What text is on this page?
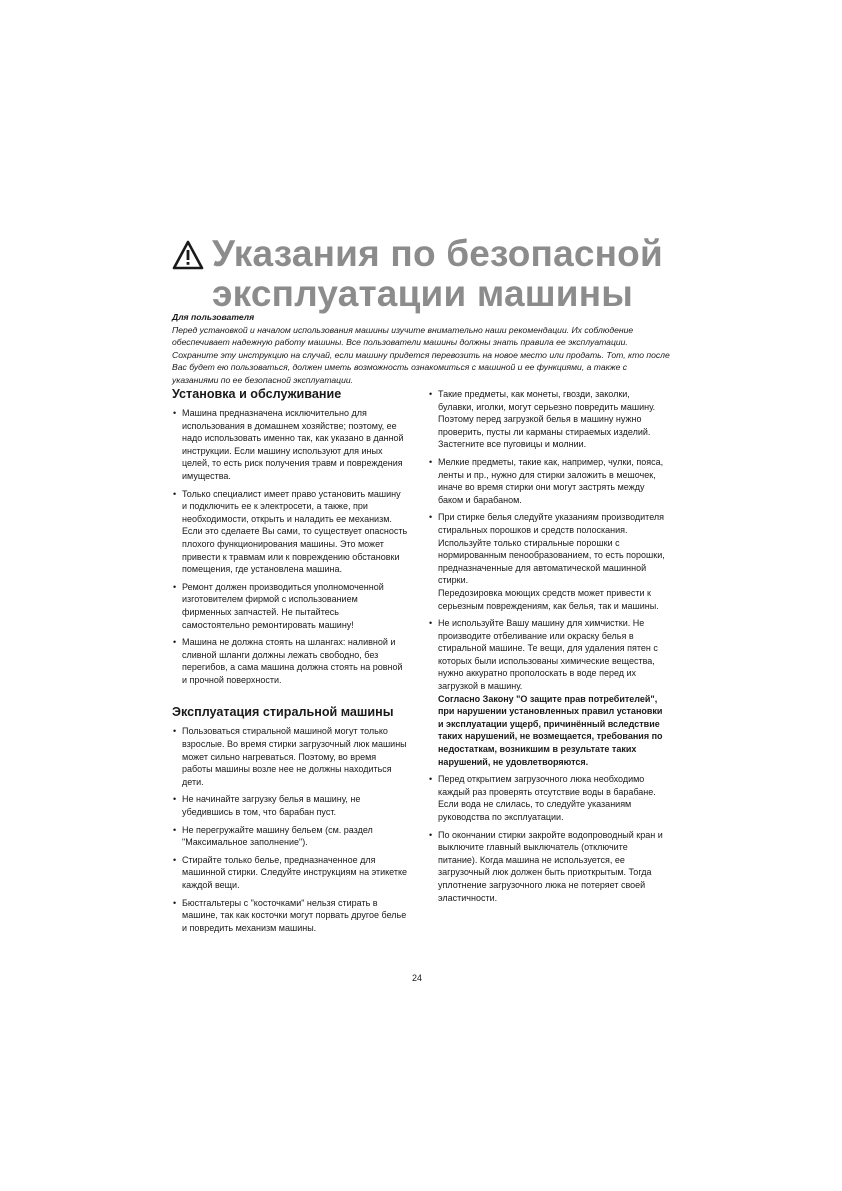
Указания по безопасной
эксплуатации машины
Для пользователя
Перед установкой и началом использования машины изучите внимательно наши рекомендации. Их соблюдение обеспечивает надежную работу машины. Все пользователи машины должны знать правила ее эксплуатации. Сохраните эту инструкцию на случай, если машину придется перевозить на новое место или продать. Тот, кто после Вас будет ею пользоваться, должен иметь возможность ознакомиться с машиной и ее функциями, а также с указаниями по ее безопасной эксплуатации.
Установка и обслуживание
• Машина предназначена исключительно для использования в домашнем хозяйстве; поэтому, ее надо использовать именно так, как указано в данной инструкции. Если машину используют для иных целей, то есть риск получения травм и повреждения имущества.
• Только специалист имеет право установить машину и подключить ее к электросети, а также, при необходимости, открыть и наладить ее механизм.
Если это сделаете Вы сами, то существует опасность плохого функционирования машины. Это может привести к травмам или к повреждению обстановки помещения, где установлена машина.
• Ремонт должен производиться уполномоченной изготовителем фирмой с использованием фирменных запчастей. Не пытайтесь самостоятельно ремонтировать машину!
• Машина не должна стоять на шлангах: наливной и сливной шланги должны лежать свободно, без перегибов, а сама машина должна стоять на ровной и прочной поверхности.
Эксплуатация стиральной машины
• Пользоваться стиральной машиной могут только взрослые. Во время стирки загрузочный люк машины может сильно нагреваться. Поэтому, во время работы машины возле нее не должны находиться дети.
• Не начинайте загрузку белья в машину, не убедившись в том, что барабан пуст.
• Не перегружайте машину бельем (см. раздел "Максимальное заполнение").
• Стирайте только белье, предназначенное для машинной стирки. Следуйте инструкциям на этикетке каждой вещи.
• Бюстгальтеры с "косточками" нельзя стирать в машине, так как косточки могут порвать другое белье и повредить механизм машины.
• Такие предметы, как монеты, гвозди, заколки, булавки, иголки, могут серьезно повредить машину. Поэтому перед загрузкой белья в машину нужно проверить, пусты ли карманы стираемых изделий. Застегните все пуговицы и молнии.
• Мелкие предметы, такие как, например, чулки, пояса, ленты и пр., нужно для стирки заложить в мешочек, иначе во время стирки они могут застрять между баком и барабаном.
• При стирке белья следуйте указаниям производителя стиральных порошков и средств полоскания. Используйте только стиральные порошки с нормированным пенообразованием, то есть порошки, предназначенные для автоматической машинной стирки.
Передозировка моющих средств может привести к серьезным повреждениям, как белья, так и машины.
• Не используйте Вашу машину для химчистки. Не производите отбеливание или окраску белья в стиральной машине. Те вещи, для удаления пятен с которых были использованы химические вещества, нужно аккуратно прополоскать в воде перед их загрузкой в машину.
Согласно Закону "О защите прав потребителей", при нарушении установленных правил установки и эксплуатации ущерб, причинённый вследствие таких нарушений, не возмещается, требования по недостаткам, возникшим в результате таких нарушений, не удовлетворяются.
• Перед открытием загрузочного люка необходимо каждый раз проверять отсутствие воды в барабане. Если вода не слилась, то следуйте указаниям руководства по эксплуатации.
• По окончании стирки закройте водопроводный кран и выключите главный выключатель (отключите питание). Когда машина не используется, ее загрузочный люк должен быть приоткрытым. Тогда уплотнение загрузочного люка не потеряет своей эластичности.
24
